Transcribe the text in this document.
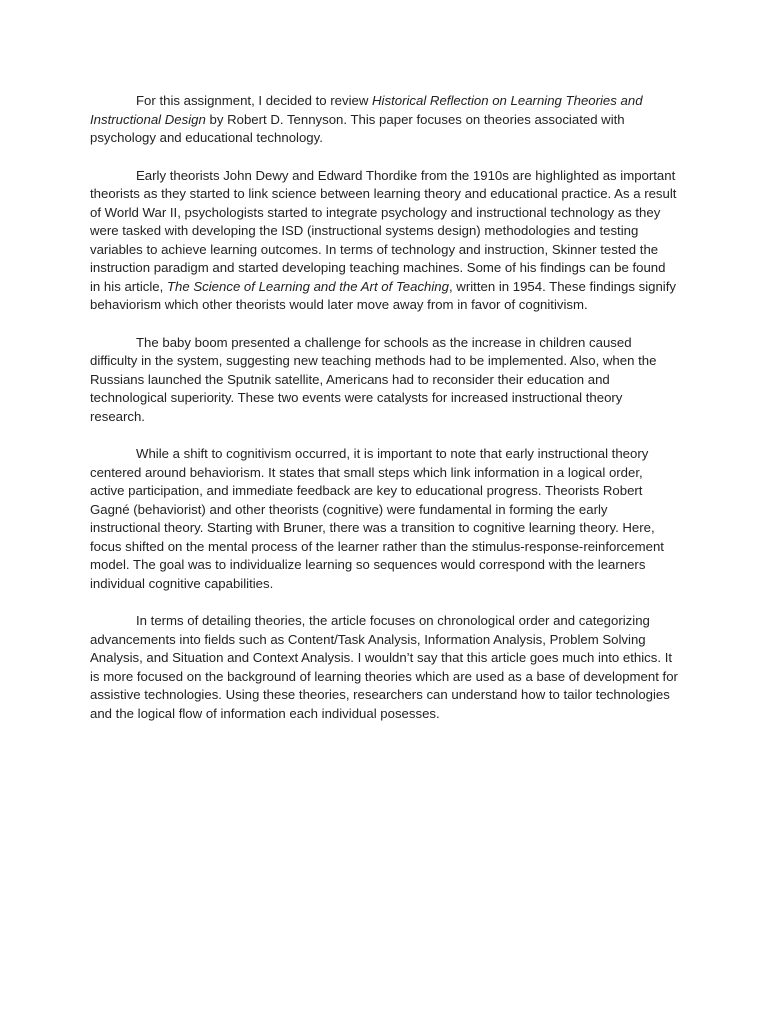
For this assignment, I decided to review Historical Reflection on Learning Theories and Instructional Design by Robert D. Tennyson. This paper focuses on theories associated with psychology and educational technology.

Early theorists John Dewy and Edward Thordike from the 1910s are highlighted as important theorists as they started to link science between learning theory and educational practice. As a result of World War II, psychologists started to integrate psychology and instructional technology as they were tasked with developing the ISD (instructional systems design) methodologies and testing variables to achieve learning outcomes. In terms of technology and instruction, Skinner tested the instruction paradigm and started developing teaching machines. Some of his findings can be found in his article, The Science of Learning and the Art of Teaching, written in 1954. These findings signify behaviorism which other theorists would later move away from in favor of cognitivism.

The baby boom presented a challenge for schools as the increase in children caused difficulty in the system, suggesting new teaching methods had to be implemented. Also, when the Russians launched the Sputnik satellite, Americans had to reconsider their education and technological superiority. These two events were catalysts for increased instructional theory research.

While a shift to cognitivism occurred, it is important to note that early instructional theory centered around behaviorism. It states that small steps which link information in a logical order, active participation, and immediate feedback are key to educational progress. Theorists Robert Gagné (behaviorist) and other theorists (cognitive) were fundamental in forming the early instructional theory. Starting with Bruner, there was a transition to cognitive learning theory. Here, focus shifted on the mental process of the learner rather than the stimulus-response-reinforcement model. The goal was to individualize learning so sequences would correspond with the learners individual cognitive capabilities.

In terms of detailing theories, the article focuses on chronological order and categorizing advancements into fields such as Content/Task Analysis, Information Analysis, Problem Solving Analysis, and Situation and Context Analysis. I wouldn’t say that this article goes much into ethics. It is more focused on the background of learning theories which are used as a base of development for assistive technologies. Using these theories, researchers can understand how to tailor technologies and the logical flow of information each individual posesses.
